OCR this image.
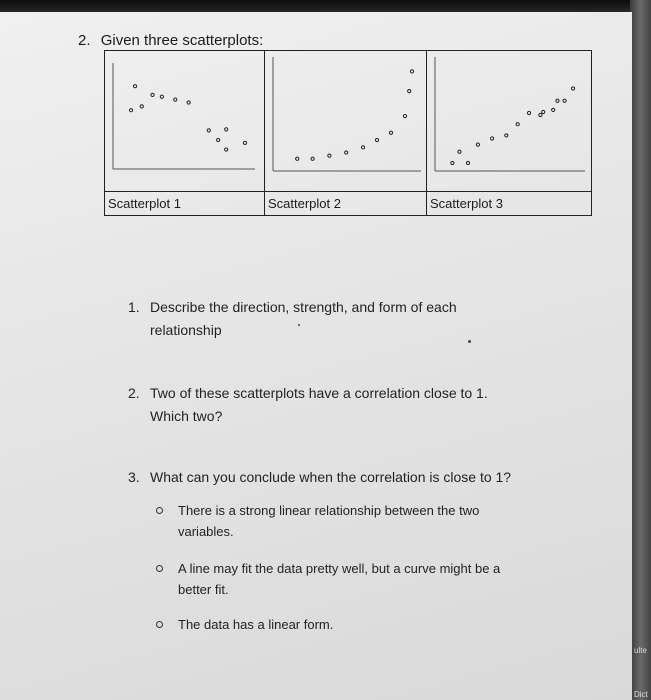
ulte
Dict
2. Given three scatterplots:
Scatterplot 1	Scatterplot 2	Scatterplot 3
1. Describe the direction, strength, and form of each
relationship
2. Two of these scatterplots have a correlation close to 1.
Which two?
3. What can you conclude when the correlation is close to 1?
There is a strong linear relationship between the two
variables.
A line may fit the data pretty well, but a curve might be a
better fit.
The data has a linear form.
